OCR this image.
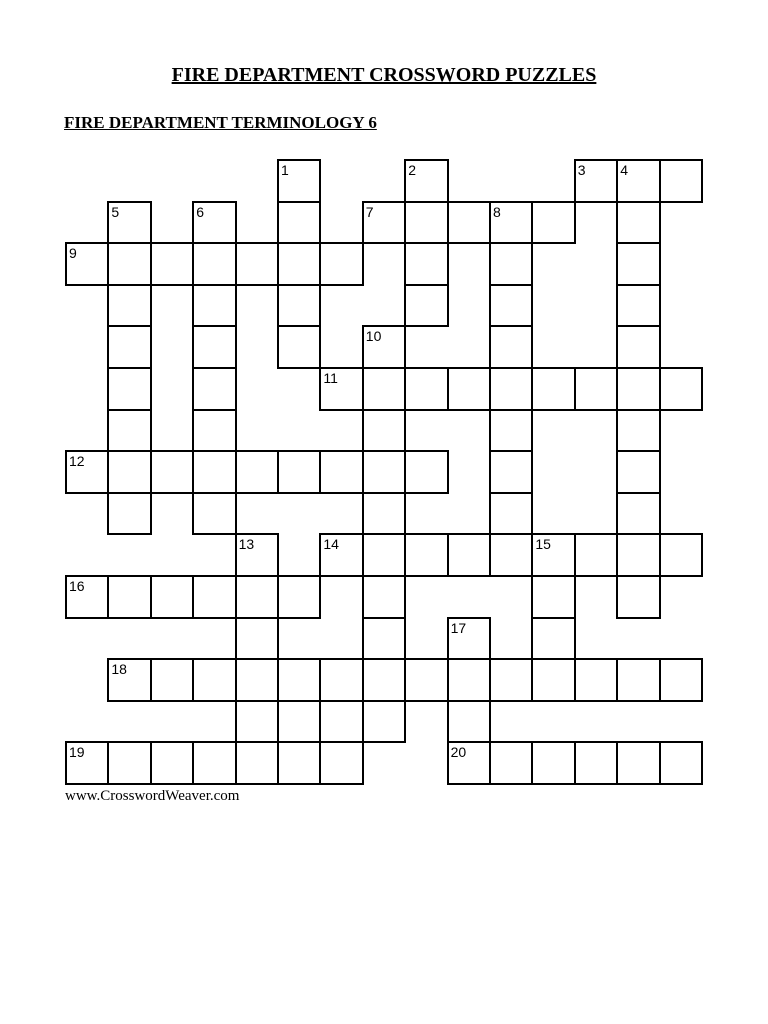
FIRE DEPARTMENT CROSSWORD PUZZLES
FIRE DEPARTMENT TERMINOLOGY 6
1	2	3 4
5	6	7	8
9
10
11
12
13	14	15
16
17
18
19	20
www.CrosswordWeaver.com
